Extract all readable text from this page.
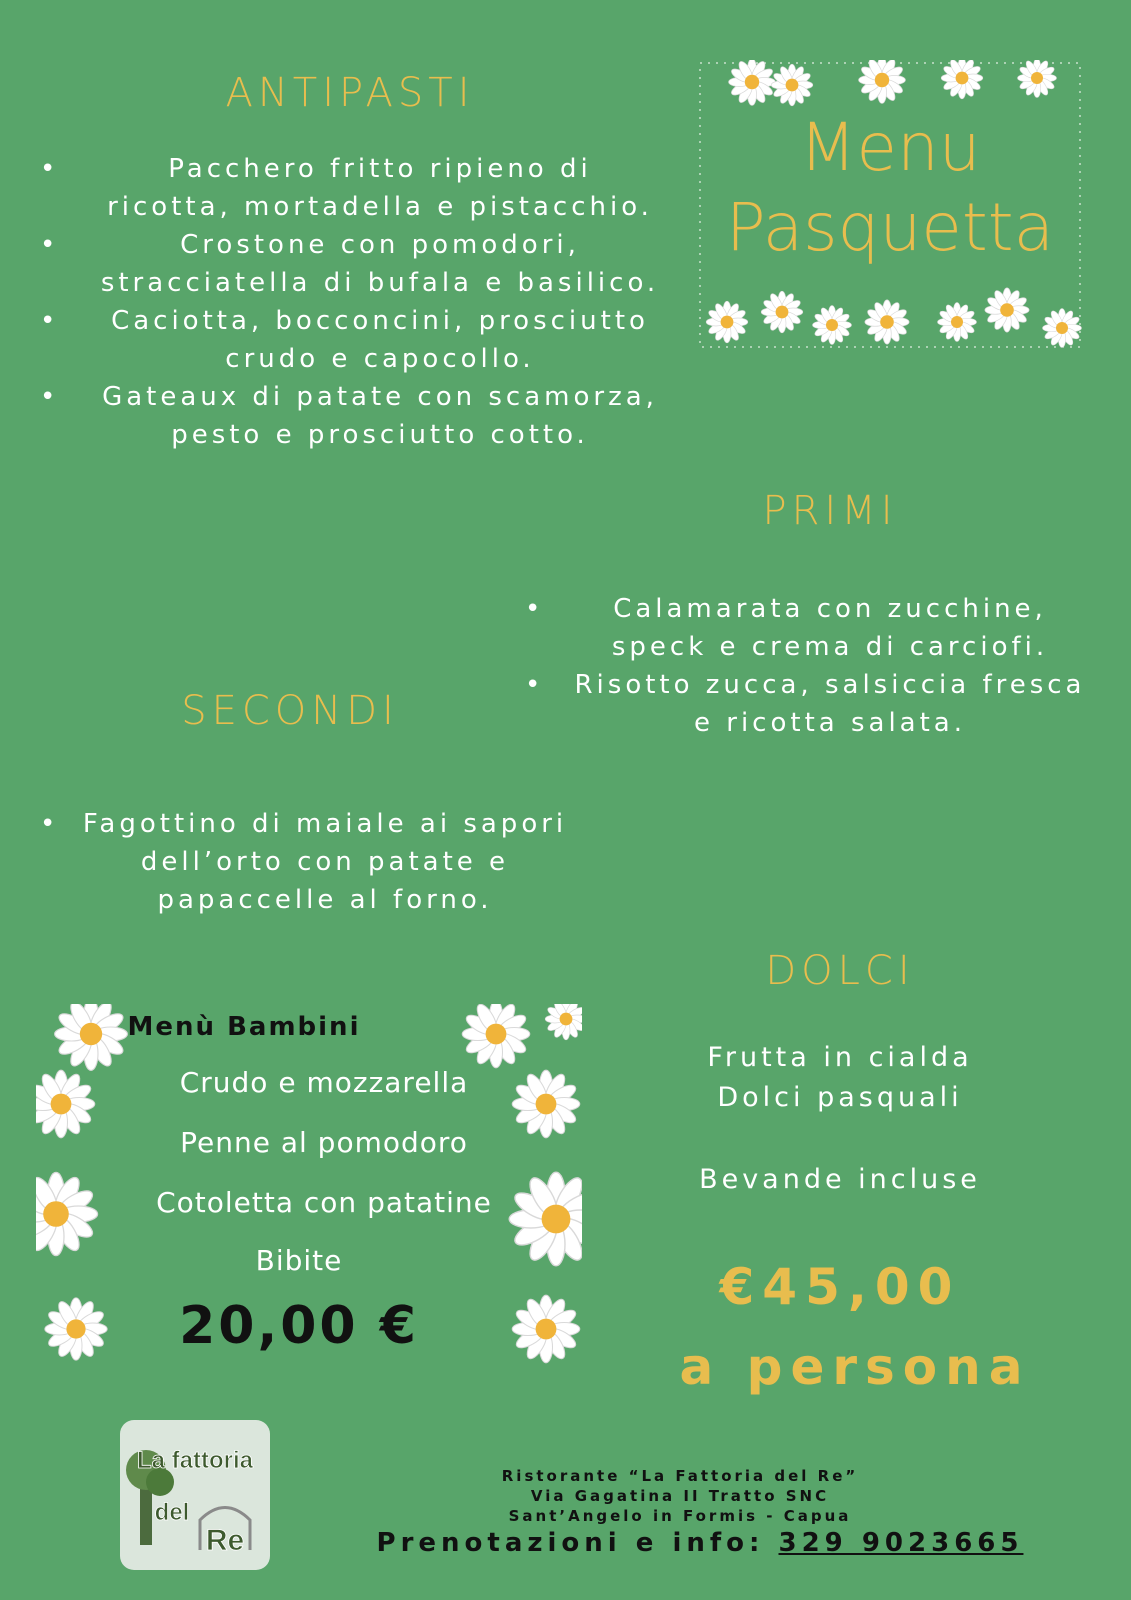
ANTIPASTI
•	Pacchero fritto ripieno di ricotta, mortadella e pistacchio.
•	Crostone con pomodori, stracciatella di bufala e basilico.
• Caciotta, bocconcini, prosciutto crudo e capocollo.
• Gateaux di patate con scamorza, pesto e prosciutto cotto.
Menu
Pasquetta
PRIMI
•	Calamarata con zucchine, speck e crema di carciofi.
• Risotto zucca, salsiccia fresca e ricotta salata.
SECONDI
• Fagottino di maiale ai sapori dell’orto con patate e papaccelle al forno.
Menù Bambini
Crudo e mozzarella
Penne al pomodoro
Cotoletta con patatine
Bibite
20,00 €
DOLCI
Frutta in cialda
Dolci pasquali
Bevande incluse
€45,00
a persona
La fattoria
del
Re
Ristorante “La Fattoria del Re”
Via Gagatina II Tratto SNC
Sant’Angelo in Formis - Capua
Prenotazioni e info: 329 9023665
